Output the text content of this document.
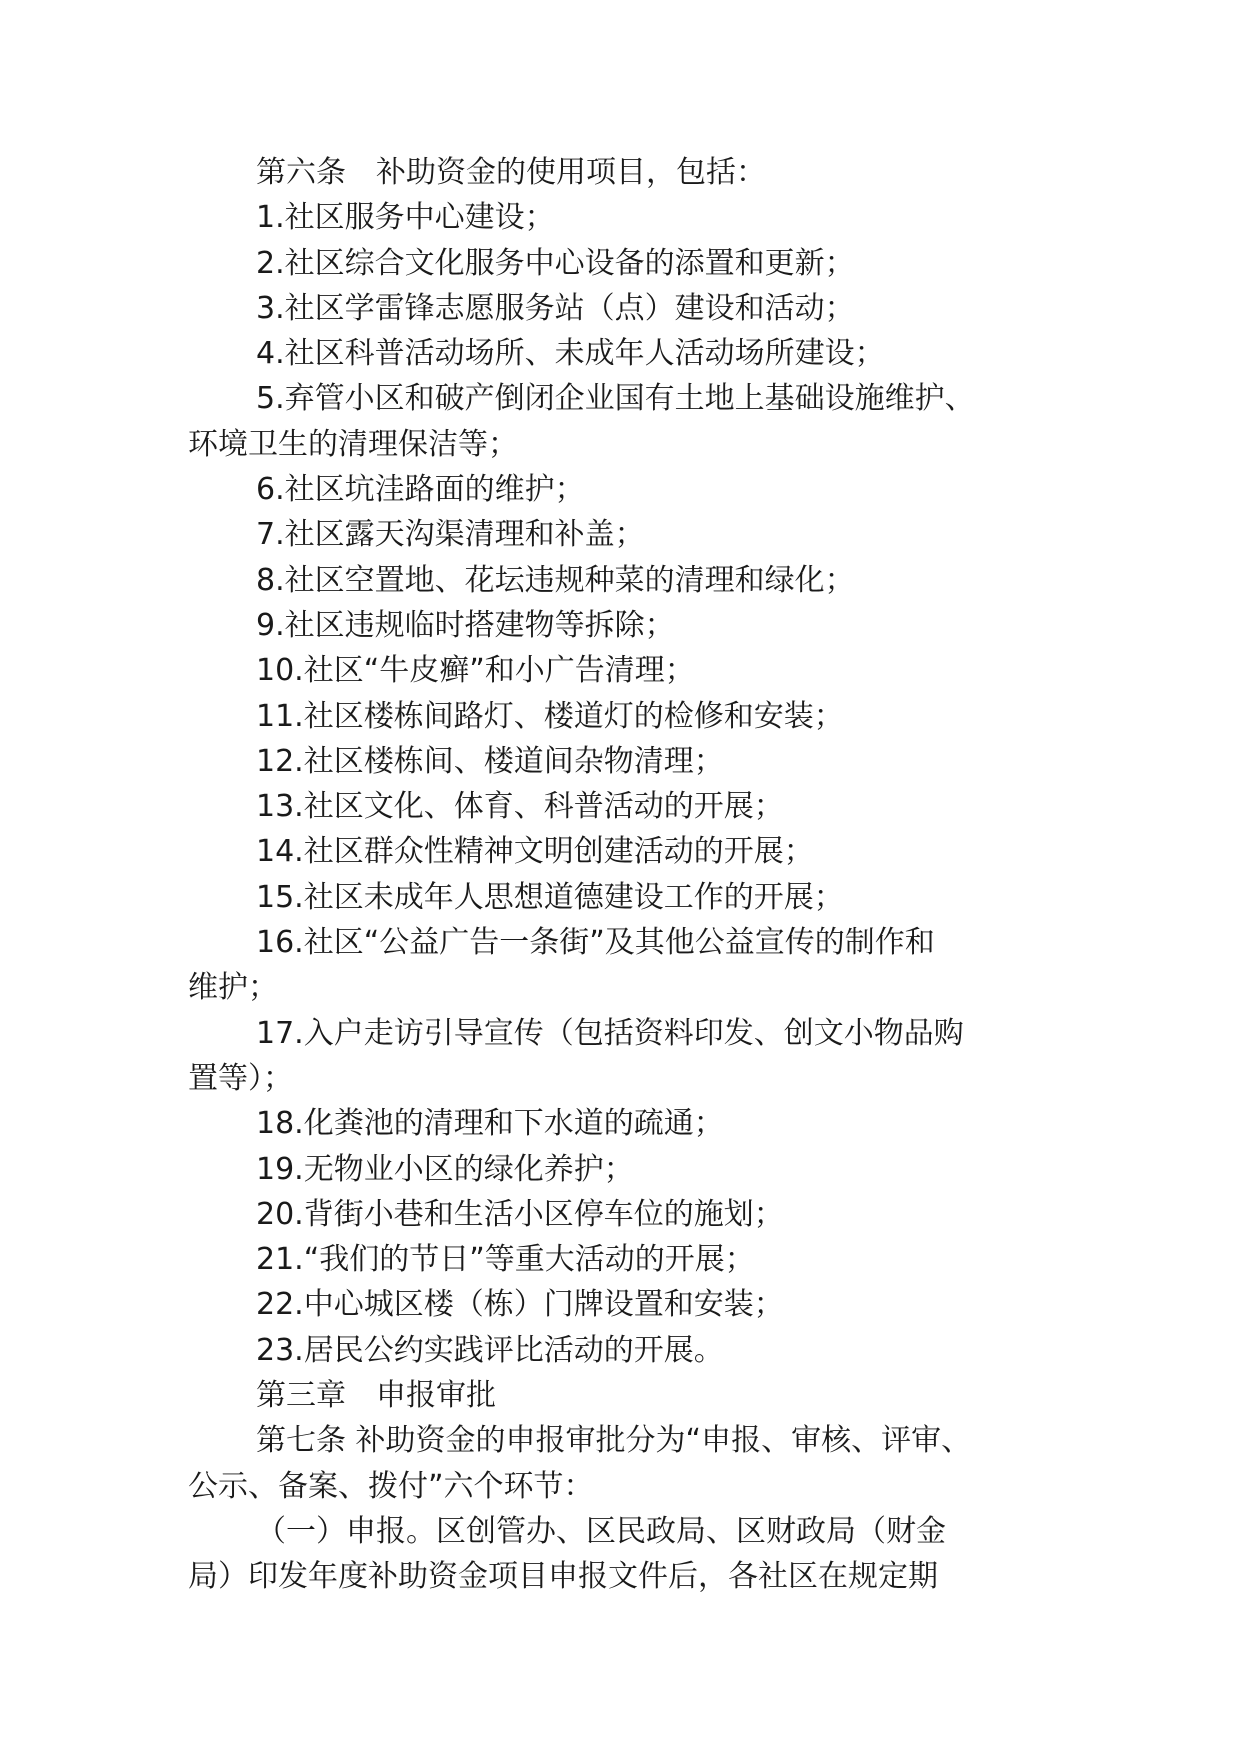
第六条　补助资金的使用项目，包括：
1.社区服务中心建设；
2.社区综合文化服务中心设备的添置和更新；
3.社区学雷锋志愿服务站（点）建设和活动；
4.社区科普活动场所、未成年人活动场所建设；
5.弃管小区和破产倒闭企业国有土地上基础设施维护、
环境卫生的清理保洁等；
6.社区坑洼路面的维护；
7.社区露天沟渠清理和补盖；
8.社区空置地、花坛违规种菜的清理和绿化；
9.社区违规临时搭建物等拆除；
10.社区“牛皮癣”和小广告清理；
11.社区楼栋间路灯、楼道灯的检修和安装；
12.社区楼栋间、楼道间杂物清理；
13.社区文化、体育、科普活动的开展；
14.社区群众性精神文明创建活动的开展；
15.社区未成年人思想道德建设工作的开展；
16.社区“公益广告一条街”及其他公益宣传的制作和
维护；
17.入户走访引导宣传（包括资料印发、创文小物品购
置等）；
18.化粪池的清理和下水道的疏通；
19.无物业小区的绿化养护；
20.背街小巷和生活小区停车位的施划；
21.“我们的节日”等重大活动的开展；
22.中心城区楼（栋）门牌设置和安装；
23.居民公约实践评比活动的开展。
第三章　申报审批
第七条 补助资金的申报审批分为“申报、审核、评审、
公示、备案、拨付”六个环节：
（一）申报。区创管办、区民政局、区财政局（财金
局）印发年度补助资金项目申报文件后，各社区在规定期
